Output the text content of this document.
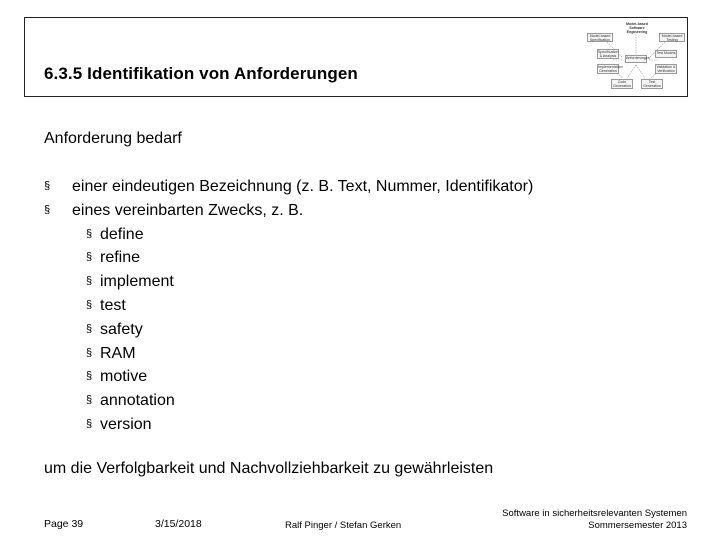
6.3.5 Identifikation von Anforderungen
Model-based Software Engineering
Model-based Specification
Model-based Testing
Specification & Analysis
Anforderungen
Test Models
Implementation Generation
Validation & Verification
Code Generation
Test Generation
Anforderung bedarf
§ einer eindeutigen Bezeichnung (z. B. Text, Nummer, Identifikator)
§ eines vereinbarten Zwecks, z. B.
§ define
§ refine
§ implement
§ test
§ safety
§ RAM
§ motive
§ annotation
§ version
um die Verfolgbarkeit und Nachvollziehbarkeit zu gewährleisten
Page 39	3/15/2018	Ralf Pinger / Stefan Gerken
Software in sicherheitsrelevanten Systemen
Sommersemester 2013
